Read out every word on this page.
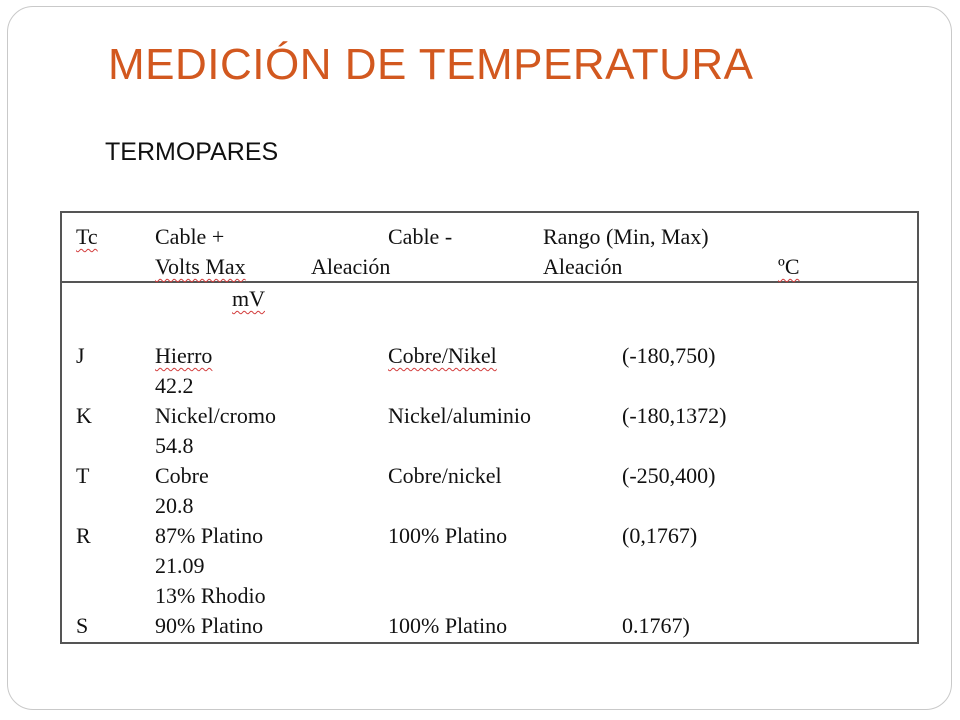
MEDICIÓN DE TEMPERATURA
TERMOPARES
Tc	Cable +	Cable -	Rango (Min, Max)
Volts Max	Aleación	Aleación	ºC
mV
J	Hierro	Cobre/Nikel	(-180,750)
42.2
K	Nickel/cromo	Nickel/aluminio	(-180,1372)
54.8
T	Cobre	Cobre/nickel	(-250,400)
20.8
R	87% Platino	100% Platino	(0,1767)
21.09
13% Rhodio
S	90% Platino	100% Platino	0.1767)
